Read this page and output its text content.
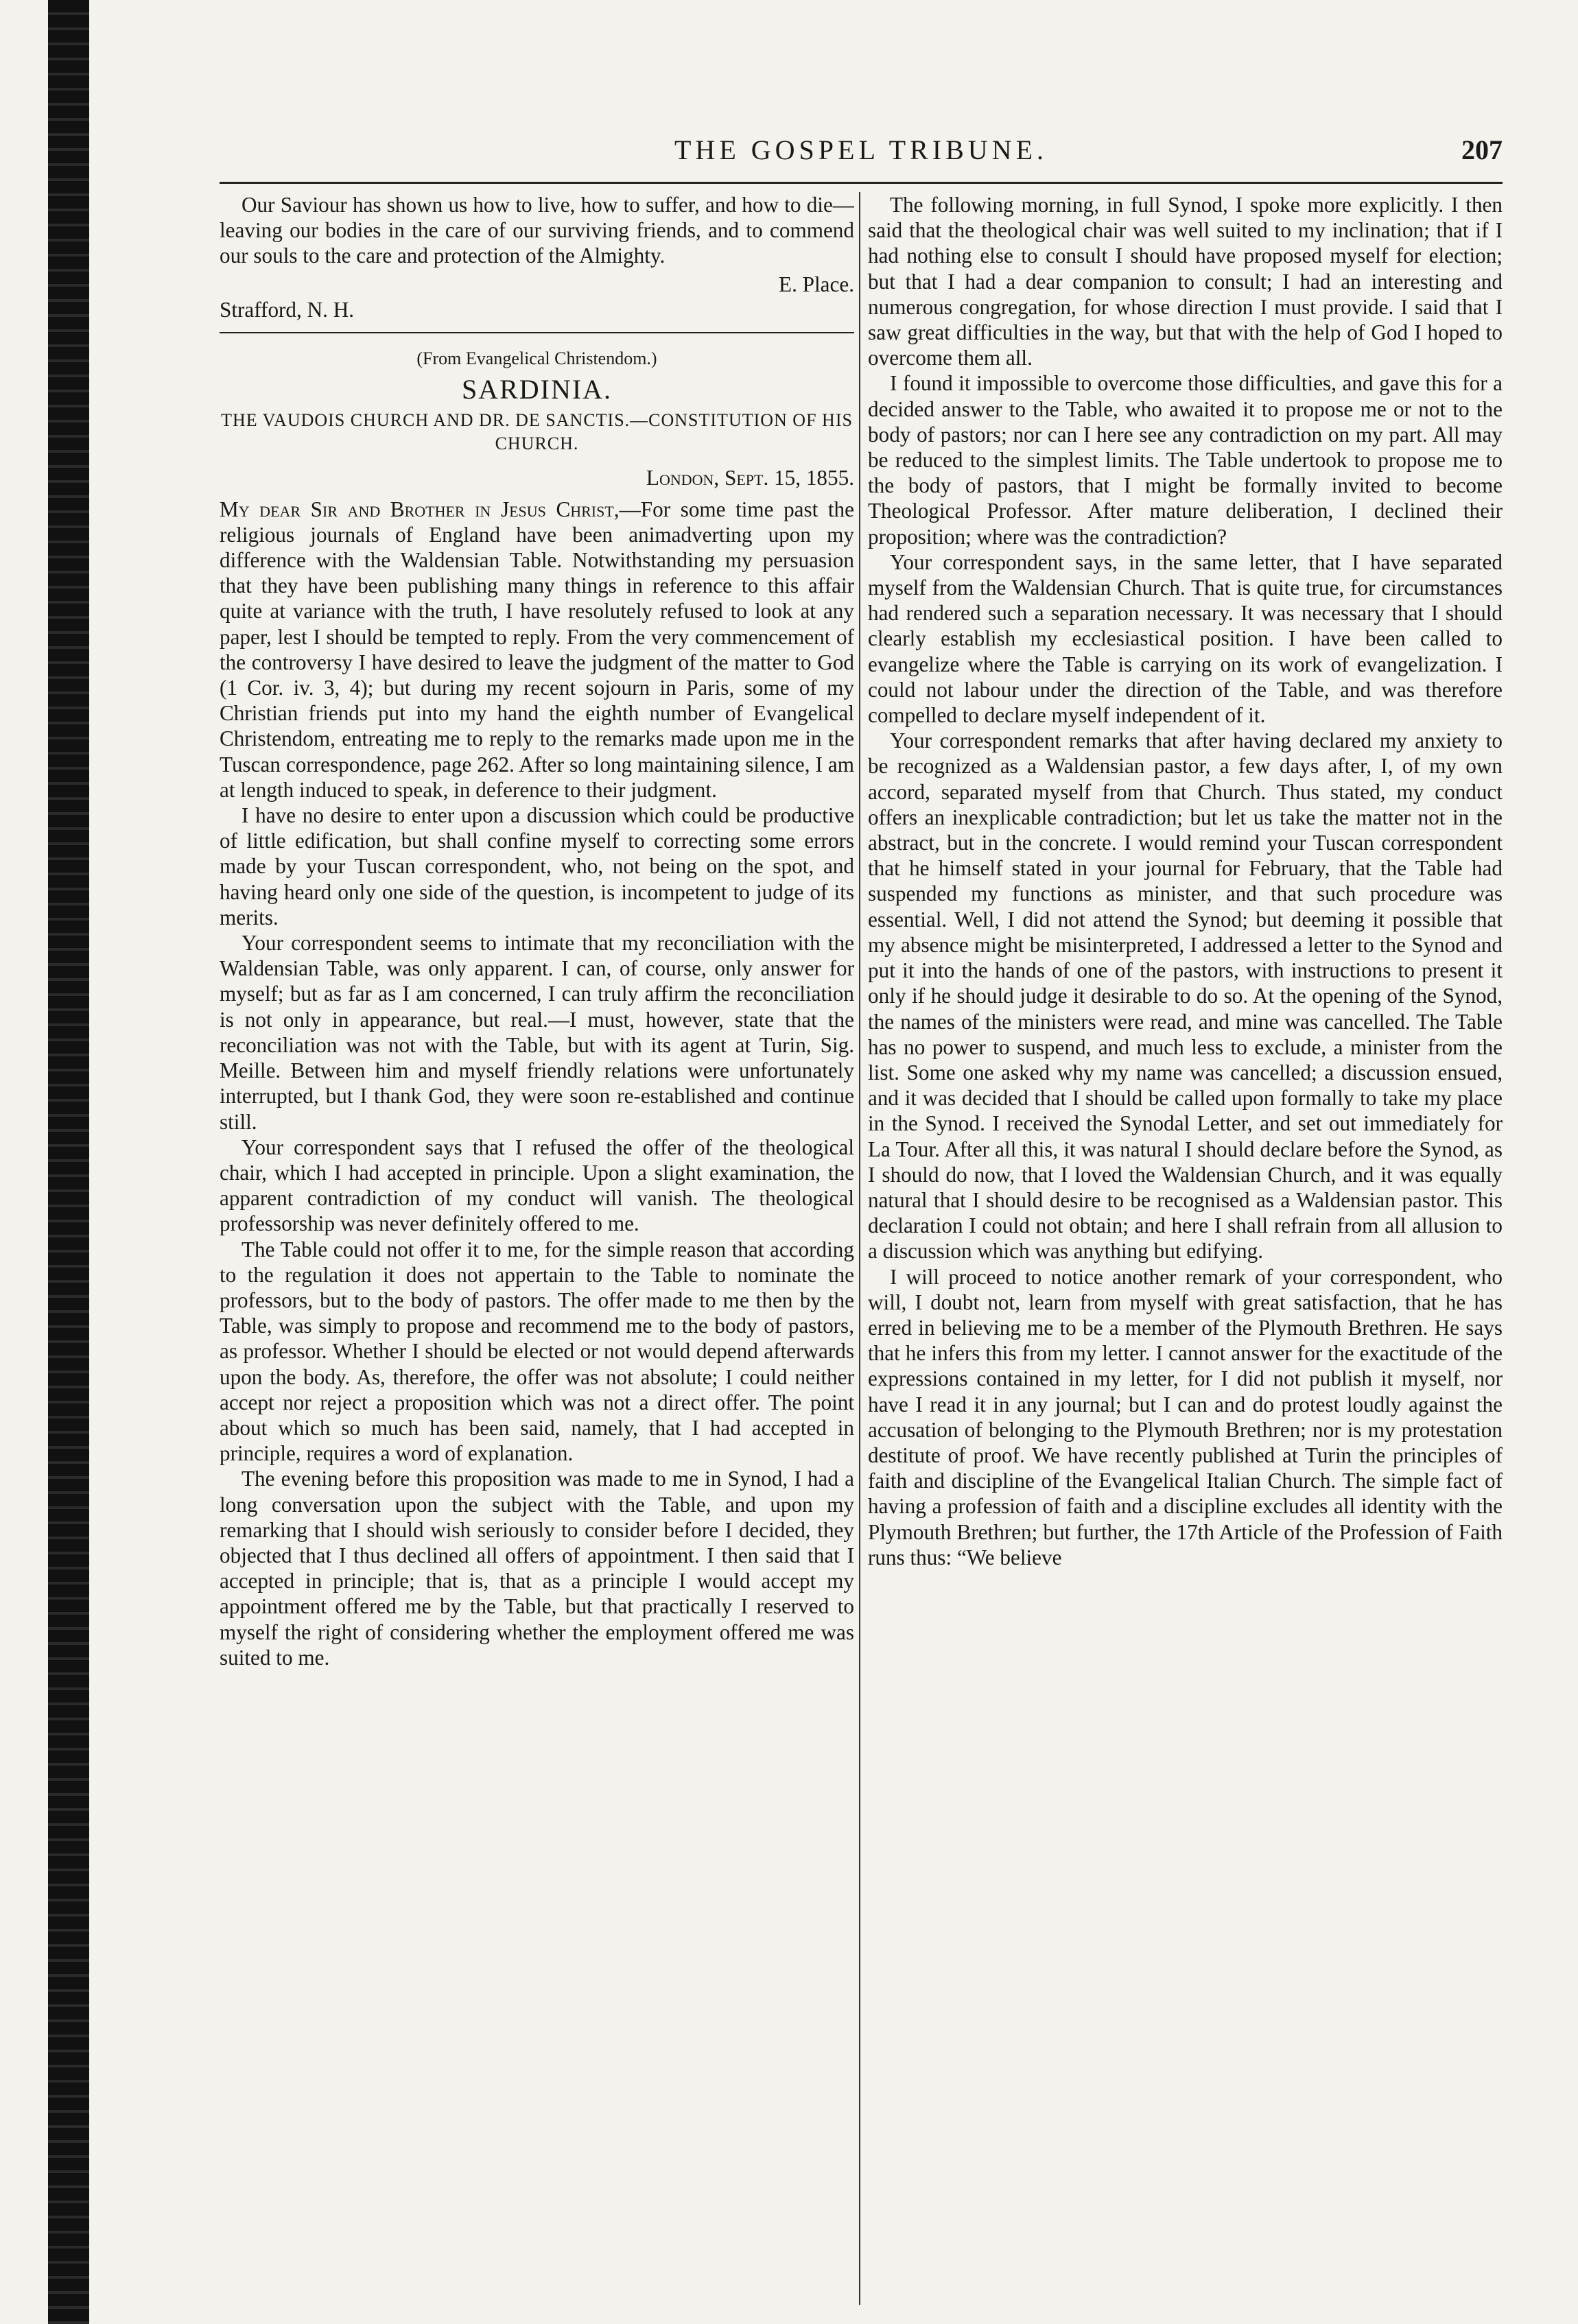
THE GOSPEL TRIBUNE.	207

Our Saviour has shown us how to live, how to suffer, and how to die—leaving our bodies in the care of our surviving friends, and to commend our souls to the care and protection of the Almighty.

E. Place.
Strafford, N. H.
(From Evangelical Christendom.)
SARDINIA.
THE VAUDOIS CHURCH AND DR. DE SANCTIS.—CONSTITUTION OF HIS CHURCH.
London, Sept. 15, 1855.

My dear Sir and Brother in Jesus Christ,—For some time past the religious journals of England have been animadverting upon my difference with the Waldensian Table. Notwithstanding my persuasion that they have been publishing many things in reference to this affair quite at variance with the truth, I have resolutely refused to look at any paper, lest I should be tempted to reply. From the very commencement of the controversy I have desired to leave the judgment of the matter to God (1 Cor. iv. 3, 4); but during my recent sojourn in Paris, some of my Christian friends put into my hand the eighth number of Evangelical Christendom, entreating me to reply to the remarks made upon me in the Tuscan correspondence, page 262. After so long maintaining silence, I am at length induced to speak, in deference to their judgment.

I have no desire to enter upon a discussion which could be productive of little edification, but shall confine myself to correcting some errors made by your Tuscan correspondent, who, not being on the spot, and having heard only one side of the question, is incompetent to judge of its merits.

Your correspondent seems to intimate that my reconciliation with the Waldensian Table, was only apparent. I can, of course, only answer for myself; but as far as I am concerned, I can truly affirm the reconciliation is not only in appearance, but real.—I must, however, state that the reconciliation was not with the Table, but with its agent at Turin, Sig. Meille. Between him and myself friendly relations were unfortunately interrupted, but I thank God, they were soon re-established and continue still.

Your correspondent says that I refused the offer of the theological chair, which I had accepted in principle. Upon a slight examination, the apparent contradiction of my conduct will vanish. The theological professorship was never definitely offered to me.

The Table could not offer it to me, for the simple reason that according to the regulation it does not appertain to the Table to nominate the professors, but to the body of pastors. The offer made to me then by the Table, was simply to propose and recommend me to the body of pastors, as professor. Whether I should be elected or not would depend afterwards upon the body. As, therefore, the offer was not absolute; I could neither accept nor reject a proposition which was not a direct offer. The point about which so much has been said, namely, that I had accepted in principle, requires a word of explanation.

The evening before this proposition was made to me in Synod, I had a long conversation upon the subject with the Table, and upon my remarking that I should wish seriously to consider before I decided, they objected that I thus declined all offers of appointment. I then said that I accepted in principle; that is, that as a principle I would accept my appointment offered me by the Table, but that practically I reserved to myself the right of considering whether the employment offered me was suited to me.

The following morning, in full Synod, I spoke more explicitly. I then said that the theological chair was well suited to my inclination; that if I had nothing else to consult I should have proposed myself for election; but that I had a dear companion to consult; I had an interesting and numerous congregation, for whose direction I must provide. I said that I saw great difficulties in the way, but that with the help of God I hoped to overcome them all.

I found it impossible to overcome those difficulties, and gave this for a decided answer to the Table, who awaited it to propose me or not to the body of pastors; nor can I here see any contradiction on my part. All may be reduced to the simplest limits. The Table undertook to propose me to the body of pastors, that I might be formally invited to become Theological Professor. After mature deliberation, I declined their proposition; where was the contradiction?

Your correspondent says, in the same letter, that I have separated myself from the Waldensian Church. That is quite true, for circumstances had rendered such a separation necessary. It was necessary that I should clearly establish my ecclesiastical position. I have been called to evangelize where the Table is carrying on its work of evangelization. I could not labour under the direction of the Table, and was therefore compelled to declare myself independent of it.

Your correspondent remarks that after having declared my anxiety to be recognized as a Waldensian pastor, a few days after, I, of my own accord, separated myself from that Church. Thus stated, my conduct offers an inexplicable contradiction; but let us take the matter not in the abstract, but in the concrete. I would remind your Tuscan correspondent that he himself stated in your journal for February, that the Table had suspended my functions as minister, and that such procedure was essential. Well, I did not attend the Synod; but deeming it possible that my absence might be misinterpreted, I addressed a letter to the Synod and put it into the hands of one of the pastors, with instructions to present it only if he should judge it desirable to do so. At the opening of the Synod, the names of the ministers were read, and mine was cancelled. The Table has no power to suspend, and much less to exclude, a minister from the list. Some one asked why my name was cancelled; a discussion ensued, and it was decided that I should be called upon formally to take my place in the Synod. I received the Synodal Letter, and set out immediately for La Tour. After all this, it was natural I should declare before the Synod, as I should do now, that I loved the Waldensian Church, and it was equally natural that I should desire to be recognised as a Waldensian pastor. This declaration I could not obtain; and here I shall refrain from all allusion to a discussion which was anything but edifying.

I will proceed to notice another remark of your correspondent, who will, I doubt not, learn from myself with great satisfaction, that he has erred in believing me to be a member of the Plymouth Brethren. He says that he infers this from my letter. I cannot answer for the exactitude of the expressions contained in my letter, for I did not publish it myself, nor have I read it in any journal; but I can and do protest loudly against the accusation of belonging to the Plymouth Brethren; nor is my protestation destitute of proof. We have recently published at Turin the principles of faith and discipline of the Evangelical Italian Church. The simple fact of having a profession of faith and a discipline excludes all identity with the Plymouth Brethren; but further, the 17th Article of the Profession of Faith runs thus: “We believe
